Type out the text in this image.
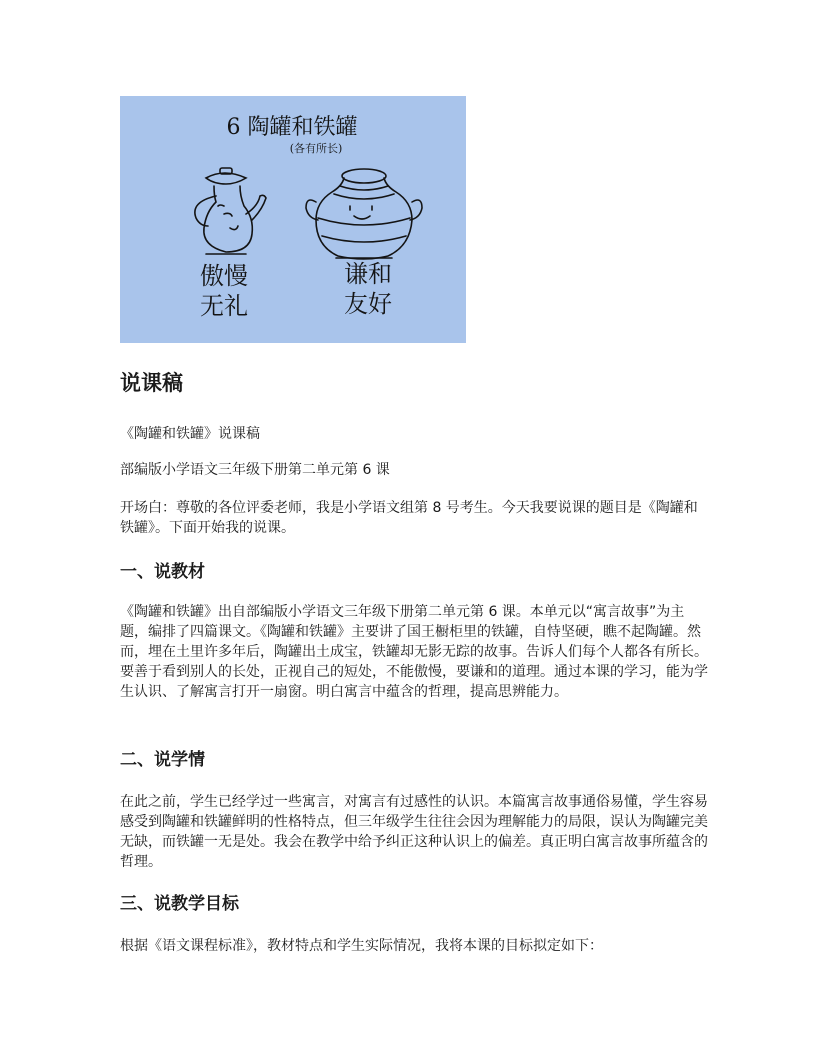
6 陶罐和铁罐
(各有所长)
傲慢
无礼
谦和
友好
说课稿

《陶罐和铁罐》说课稿

部编版小学语文三年级下册第二单元第 6 课

开场白：尊敬的各位评委老师，我是小学语文组第 8 号考生。今天我要说课的题目是《陶罐和铁罐》。下面开始我的说课。

一、说教材

《陶罐和铁罐》出自部编版小学语文三年级下册第二单元第 6 课。本单元以“寓言故事”为主题，编排了四篇课文。《陶罐和铁罐》主要讲了国王橱柜里的铁罐，自恃坚硬，瞧不起陶罐。然而，埋在土里许多年后，陶罐出土成宝，铁罐却无影无踪的故事。告诉人们每个人都各有所长。要善于看到别人的长处，正视自己的短处，不能傲慢，要谦和的道理。通过本课的学习，能为学生认识、了解寓言打开一扇窗。明白寓言中蕴含的哲理，提高思辨能力。

二、说学情

在此之前，学生已经学过一些寓言，对寓言有过感性的认识。本篇寓言故事通俗易懂，学生容易感受到陶罐和铁罐鲜明的性格特点，但三年级学生往往会因为理解能力的局限，误认为陶罐完美无缺，而铁罐一无是处。我会在教学中给予纠正这种认识上的偏差。真正明白寓言故事所蕴含的哲理。

三、说教学目标

根据《语文课程标准》，教材特点和学生实际情况，我将本课的目标拟定如下：
